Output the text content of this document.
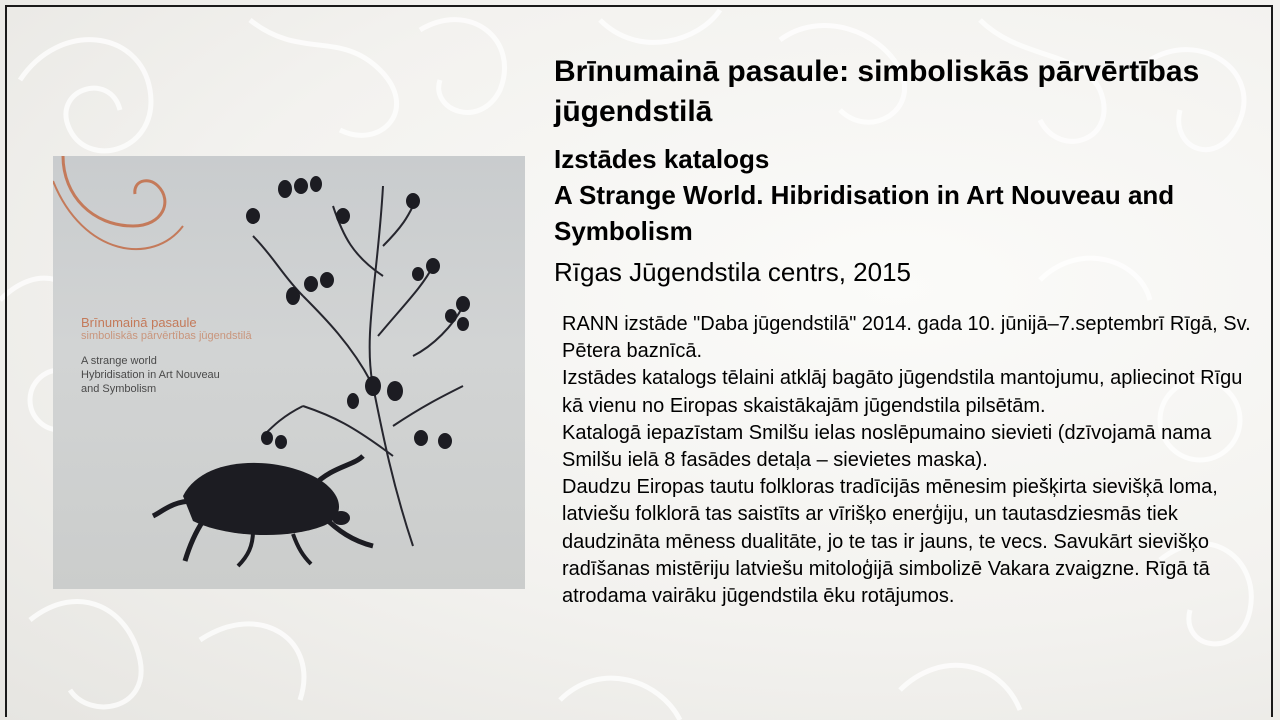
Brīnumainā pasaule
simboliskās pārvērtības jūgendstilā
A strange world
Hybridisation in Art Nouveau
and Symbolism
Brīnumainā pasaule: simboliskās pārvērtības jūgendstilā
Izstādes katalogs
A Strange World. Hibridisation in Art Nouveau and
Symbolism
Rīgas Jūgendstila centrs, 2015

RANN izstāde "Daba jūgendstilā" 2014. gada 10. jūnijā–7.septembrī Rīgā, Sv. Pētera baznīcā.

Izstādes katalogs tēlaini atklāj bagāto jūgendstila mantojumu, apliecinot Rīgu kā vienu no Eiropas skaistākajām jūgendstila pilsētām.

Katalogā iepazīstam Smilšu ielas noslēpumaino sievieti (dzīvojamā nama Smilšu ielā 8 fasādes detaļa – sievietes maska).

Daudzu Eiropas tautu folkloras tradīcijās mēnesim piešķirta sievišķā loma, latviešu folklorā tas saistīts ar vīrišķo enerģiju, un tautasdziesmās tiek daudzināta mēness dualitāte, jo te tas ir jauns, te vecs. Savukārt sievišķo radīšanas mistēriju latviešu mitoloģijā simbolizē Vakara zvaigzne. Rīgā tā atrodama vairāku jūgendstila ēku rotājumos.
